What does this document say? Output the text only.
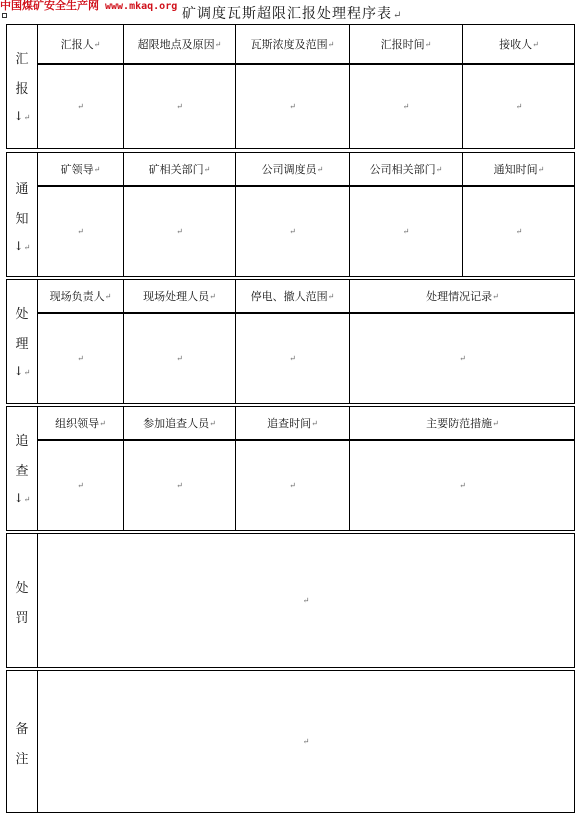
中国煤矿安全生产网 www.mkaq.org 矿调度瓦斯超限汇报处理程序表↵
汇
报
↓↵
汇报人 ↵	超限地点及原因 ↵	瓦斯浓度及范围 ↵	汇报时间 ↵	接收人 ↵
↵	↵	↵	↵	↵
通
知
↓↵
矿领导 ↵	矿相关部门 ↵	公司调度员 ↵	公司相关部门 ↵	通知时间 ↵
↵	↵	↵	↵	↵
处
理
↓↵
现场负责人 ↵	现场处理人员 ↵	停电、撤人范围 ↵	处理情况记录 ↵
↵	↵	↵	↵
追
查
↓↵
组织领导 ↵	参加追查人员 ↵	追查时间 ↵	主要防范措施 ↵
↵	↵	↵	↵
处
罚
↵
备
注
↵
